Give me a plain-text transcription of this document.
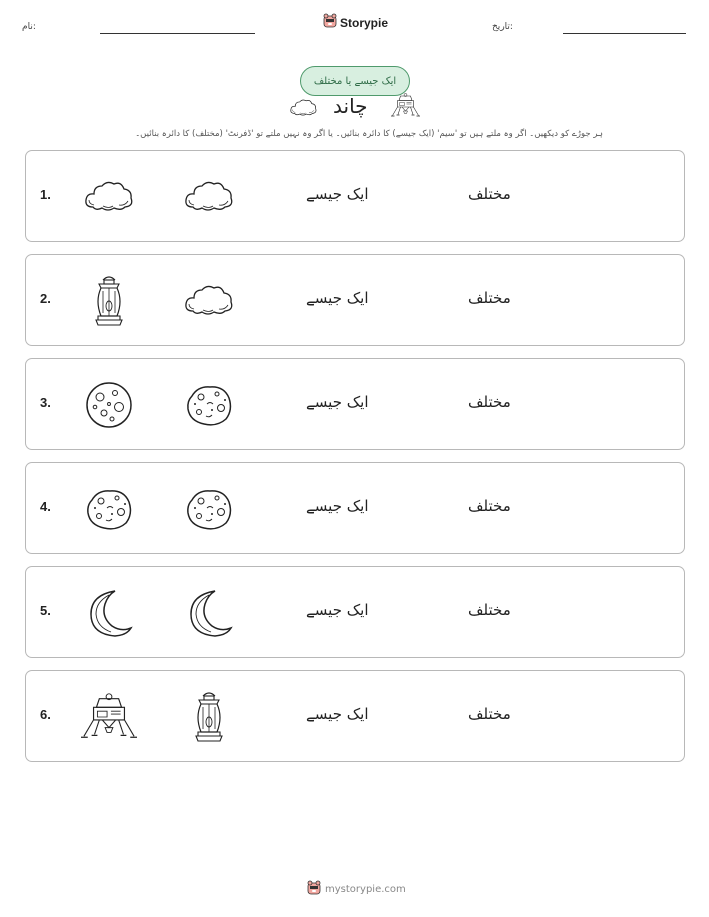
نام:	Storypie	تاریخ:
ایک جیسے یا مختلف
چاند
ہر جوڑے کو دیکھیں۔ اگر وہ ملتے ہیں تو 'سیم' (ایک جیسے) کا دائرہ بنائیں۔ یا اگر وہ نہیں ملتے تو 'ڈفرنٹ' (مختلف) کا دائرہ بنائیں۔
1.	ایک جیسے	مختلف
2.	ایک جیسے	مختلف
3.	ایک جیسے	مختلف
4.	ایک جیسے	مختلف
5.	ایک جیسے	مختلف
6.	ایک جیسے	مختلف
mystorypie.com
